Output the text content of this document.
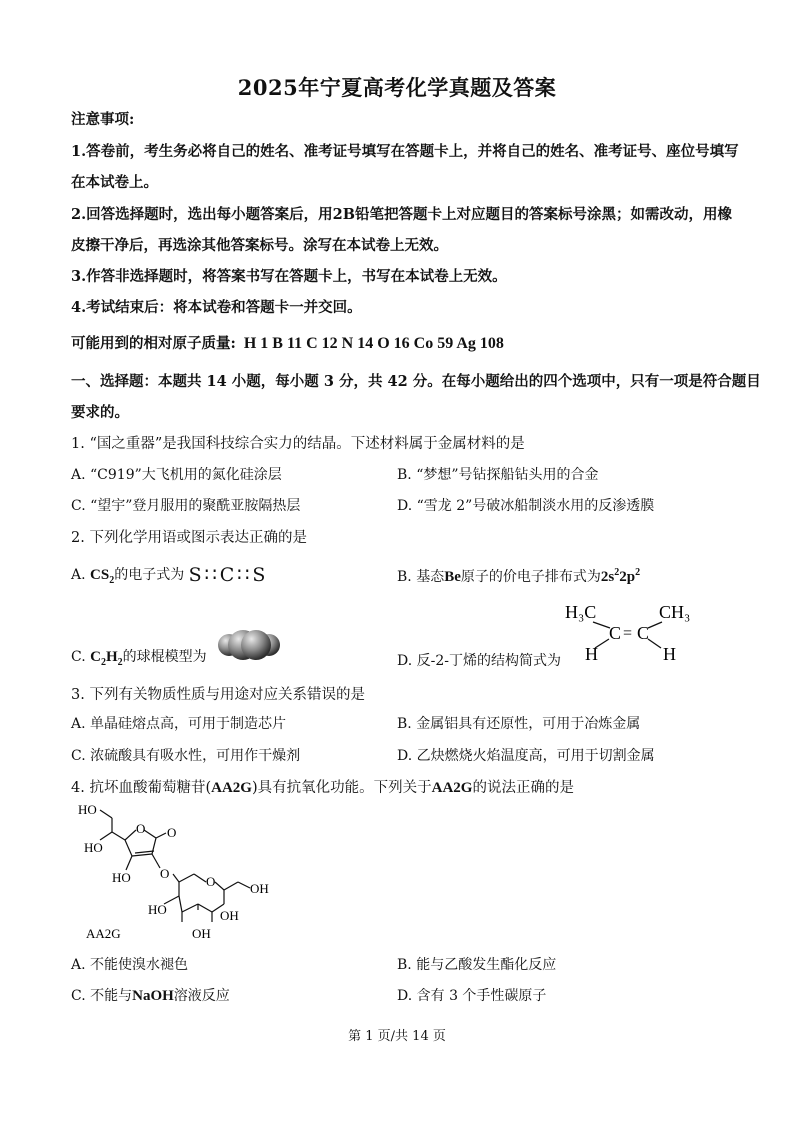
2025年宁夏高考化学真题及答案
注意事项:
1.答卷前，考生务必将自己的姓名、准考证号填写在答题卡上，并将自己的姓名、准考证号、座位号填写
在本试卷上。
2.回答选择题时，选出每小题答案后，用2B铅笔把答题卡上对应题目的答案标号涂黑；如需改动，用橡
皮擦干净后，再选涂其他答案标号。涂写在本试卷上无效。
3.作答非选择题时，将答案书写在答题卡上，书写在本试卷上无效。
4.考试结束后：将本试卷和答题卡一并交回。
可能用到的相对原子质量: H 1 B 11 C 12 N 14 O 16 Co 59 Ag 108
一、选择题：本题共 14 小题，每小题 3 分，共 42 分。在每小题给出的四个选项中，只有一项是符合题目
要求的。
1. “国之重器”是我国科技综合实力的结晶。下述材料属于金属材料的是
A. “C919”大飞机用的氮化硅涂层	B. “梦想”号钻探船钻头用的合金
C. “望宇”登月服用的聚酰亚胺隔热层	D. “雪龙 2”号破冰船制淡水用的反渗透膜
2. 下列化学用语或图示表达正确的是
A. $CS_2$的电子式为 S∷C∷S	B. 基态Be原子的价电子排布式为$2s^22p^2$
C. $C_2H_2$的球棍模型为	D. 反-2-丁烯的结构简式为
H₃C	CH₃
C C
=
H	H
3. 下列有关物质性质与用途对应关系错误的是
A. 单晶硅熔点高，可用于制造芯片	B. 金属铝具有还原性，可用于冶炼金属
C. 浓硫酸具有吸水性，可用作干燥剂	D. 乙炔燃烧火焰温度高，可用于切割金属
4. 抗坏血酸葡萄糖苷(AA2G)具有抗氧化功能。下列关于AA2G的说法正确的是
HO
HO
O O
HO O
O	OH
HO	OH
OH
AA2G
A. 不能使溴水褪色	B. 能与乙酸发生酯化反应
C. 不能与NaOH溶液反应	D. 含有 3 个手性碳原子
第 1 页/共 14 页
